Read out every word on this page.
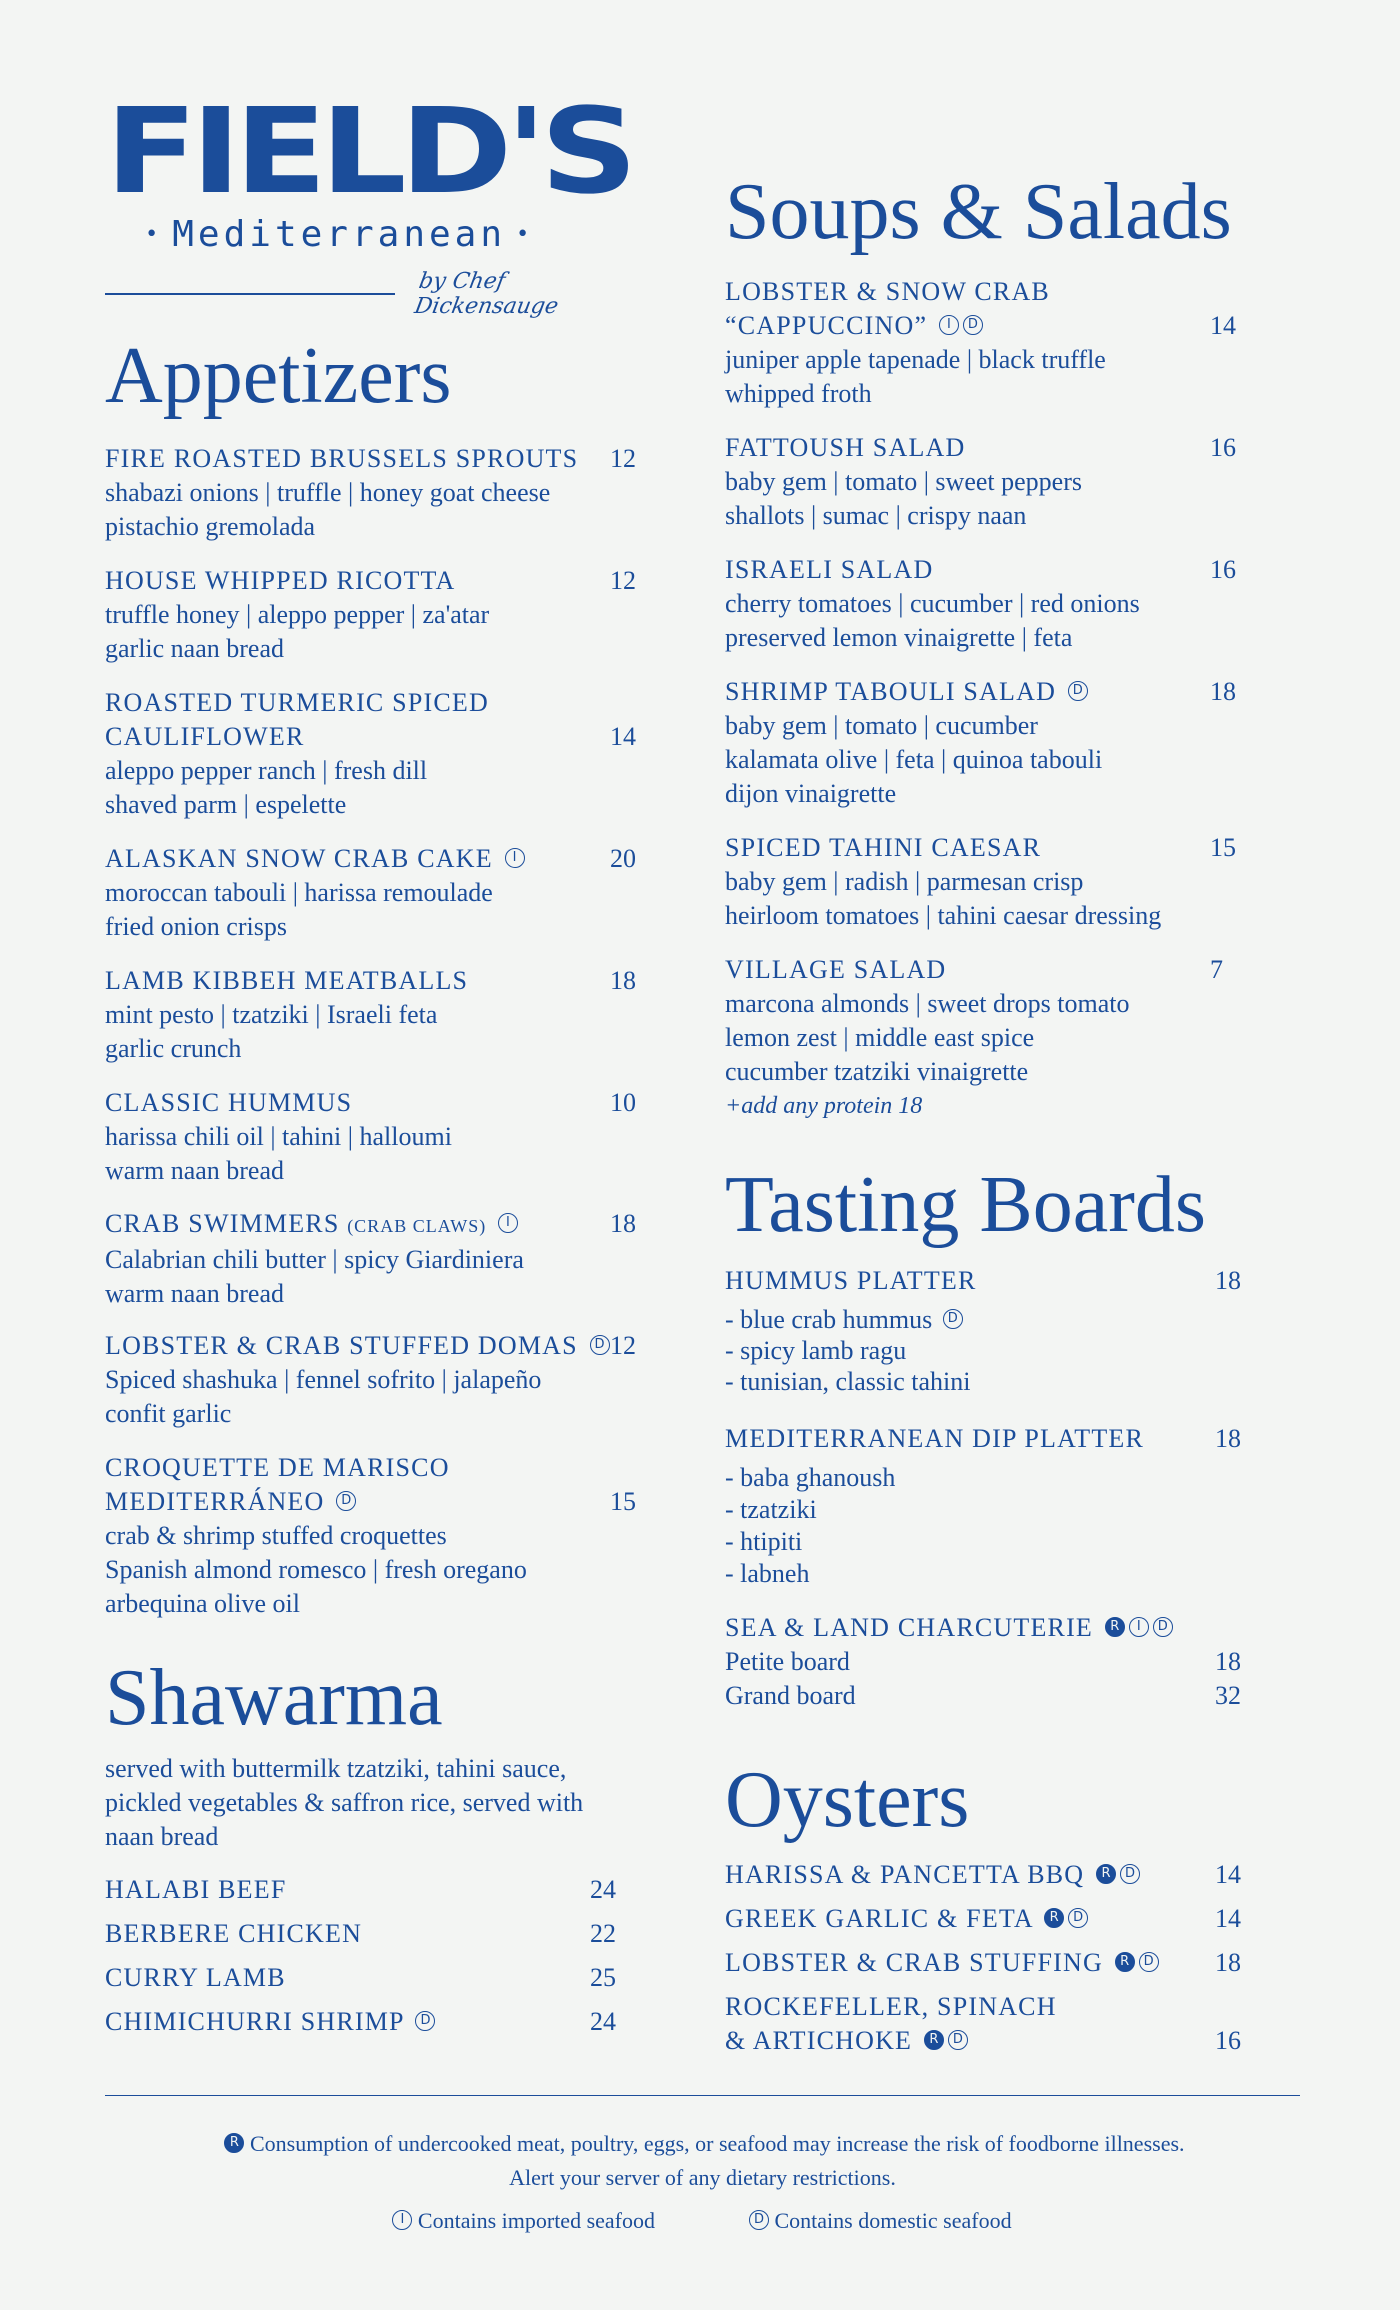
FIELD'S
• Mediterranean •
by Chef Dickensauge
Appetizers
FIRE ROASTED BRUSSELS SPROUTS	12
shabazi onions | truffle | honey goat cheese
pistachio gremolada
HOUSE WHIPPED RICOTTA	12
truffle honey | aleppo pepper | za'atar
garlic naan bread
ROASTED TURMERIC SPICED
CAULIFLOWER	14
aleppo pepper ranch | fresh dill
shaved parm | espelette
ALASKAN SNOW CRAB CAKE I	20
moroccan tabouli | harissa remoulade
fried onion crisps
LAMB KIBBEH MEATBALLS	18
mint pesto | tzatziki | Israeli feta
garlic crunch
CLASSIC HUMMUS	10
harissa chili oil | tahini | halloumi
warm naan bread
CRAB SWIMMERS (CRAB CLAWS) I	18
Calabrian chili butter | spicy Giardiniera
warm naan bread
LOBSTER & CRAB STUFFED DOMAS D 12
Spiced shashuka | fennel sofrito | jalapeño
confit garlic
CROQUETTE DE MARISCO
MEDITERRÁNEO D	15
crab & shrimp stuffed croquettes
Spanish almond romesco | fresh oregano
arbequina olive oil
Shawarma
served with buttermilk tzatziki, tahini sauce,
pickled vegetables & saffron rice, served with
naan bread
HALABI BEEF	24
BERBERE CHICKEN	22
CURRY LAMB	25
CHIMICHURRI SHRIMP D	24
Soups & Salads
LOBSTER & SNOW CRAB
“CAPPUCCINO” I D	14
juniper apple tapenade | black truffle
whipped froth
FATTOUSH SALAD	16
baby gem | tomato | sweet peppers
shallots | sumac | crispy naan
ISRAELI SALAD	16
cherry tomatoes | cucumber | red onions
preserved lemon vinaigrette | feta
SHRIMP TABOULI SALAD D	18
baby gem | tomato | cucumber
kalamata olive | feta | quinoa tabouli
dijon vinaigrette
SPICED TAHINI CAESAR	15
baby gem | radish | parmesan crisp
heirloom tomatoes | tahini caesar dressing
VILLAGE SALAD	7
marcona almonds | sweet drops tomato
lemon zest | middle east spice
cucumber tzatziki vinaigrette
+add any protein 18
Tasting Boards
HUMMUS PLATTER	18
- blue crab hummus D
- spicy lamb ragu
- tunisian, classic tahini
MEDITERRANEAN DIP PLATTER	18
- baba ghanoush
- tzatziki
- htipiti
- labneh
SEA & LAND CHARCUTERIE R I D
Petite board	18
Grand board	32
Oysters
HARISSA & PANCETTA BBQ R D	14
GREEK GARLIC & FETA R D	14
LOBSTER & CRAB STUFFING R D	18
ROCKEFELLER, SPINACH
& ARTICHOKE R D	16
R Consumption of undercooked meat, poultry, eggs, or seafood may increase the risk of foodborne illnesses.
Alert your server of any dietary restrictions.
I Contains imported seafood	D Contains domestic seafood
